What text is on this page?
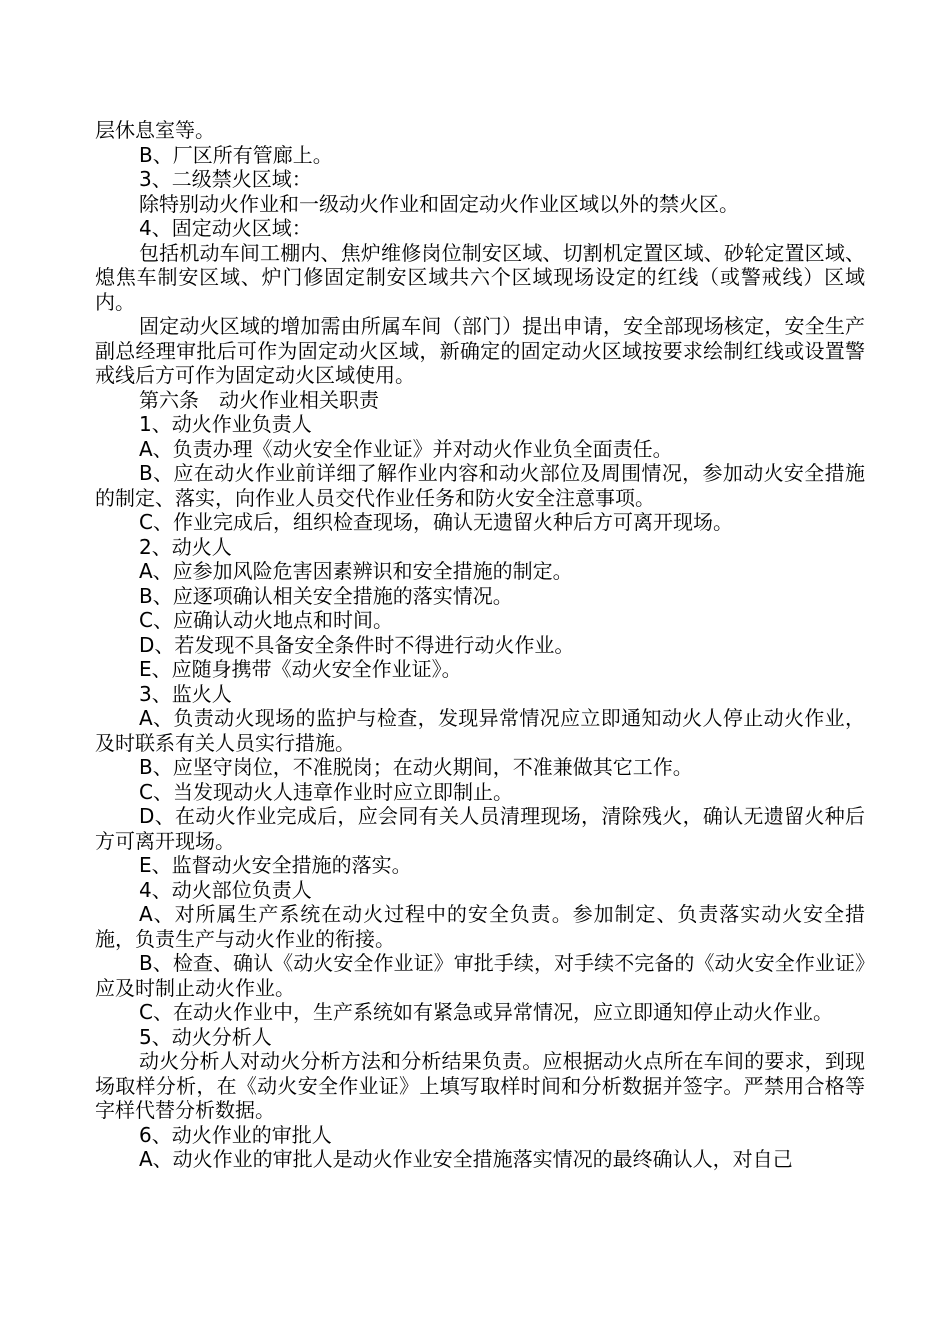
层休息室等。

B、厂区所有管廊上。

3、二级禁火区域：

除特别动火作业和一级动火作业和固定动火作业区域以外的禁火区。

4、固定动火区域：

包括机动车间工棚内、焦炉维修岗位制安区域、切割机定置区域、砂轮定置区域、熄焦车制安区域、炉门修固定制安区域共六个区域现场设定的红线（或警戒线）区域内。

固定动火区域的增加需由所属车间（部门）提出申请，安全部现场核定，安全生产副总经理审批后可作为固定动火区域，新确定的固定动火区域按要求绘制红线或设置警戒线后方可作为固定动火区域使用。

第六条　动火作业相关职责

1、动火作业负责人

A、负责办理《动火安全作业证》并对动火作业负全面责任。

B、应在动火作业前详细了解作业内容和动火部位及周围情况，参加动火安全措施的制定、落实，向作业人员交代作业任务和防火安全注意事项。

C、作业完成后，组织检查现场，确认无遗留火种后方可离开现场。

2、动火人

A、应参加风险危害因素辨识和安全措施的制定。

B、应逐项确认相关安全措施的落实情况。

C、应确认动火地点和时间。

D、若发现不具备安全条件时不得进行动火作业。

E、应随身携带《动火安全作业证》。

3、监火人

A、负责动火现场的监护与检查，发现异常情况应立即通知动火人停止动火作业，及时联系有关人员实行措施。

B、应坚守岗位，不准脱岗；在动火期间，不准兼做其它工作。

C、当发现动火人违章作业时应立即制止。

D、在动火作业完成后，应会同有关人员清理现场，清除残火，确认无遗留火种后方可离开现场。

E、监督动火安全措施的落实。

4、动火部位负责人

A、对所属生产系统在动火过程中的安全负责。参加制定、负责落实动火安全措施，负责生产与动火作业的衔接。

B、检查、确认《动火安全作业证》审批手续，对手续不完备的《动火安全作业证》应及时制止动火作业。

C、在动火作业中，生产系统如有紧急或异常情况，应立即通知停止动火作业。

5、动火分析人

动火分析人对动火分析方法和分析结果负责。应根据动火点所在车间的要求，到现场取样分析，在《动火安全作业证》上填写取样时间和分析数据并签字。严禁用合格等字样代替分析数据。

6、动火作业的审批人

A、动火作业的审批人是动火作业安全措施落实情况的最终确认人，对自己
